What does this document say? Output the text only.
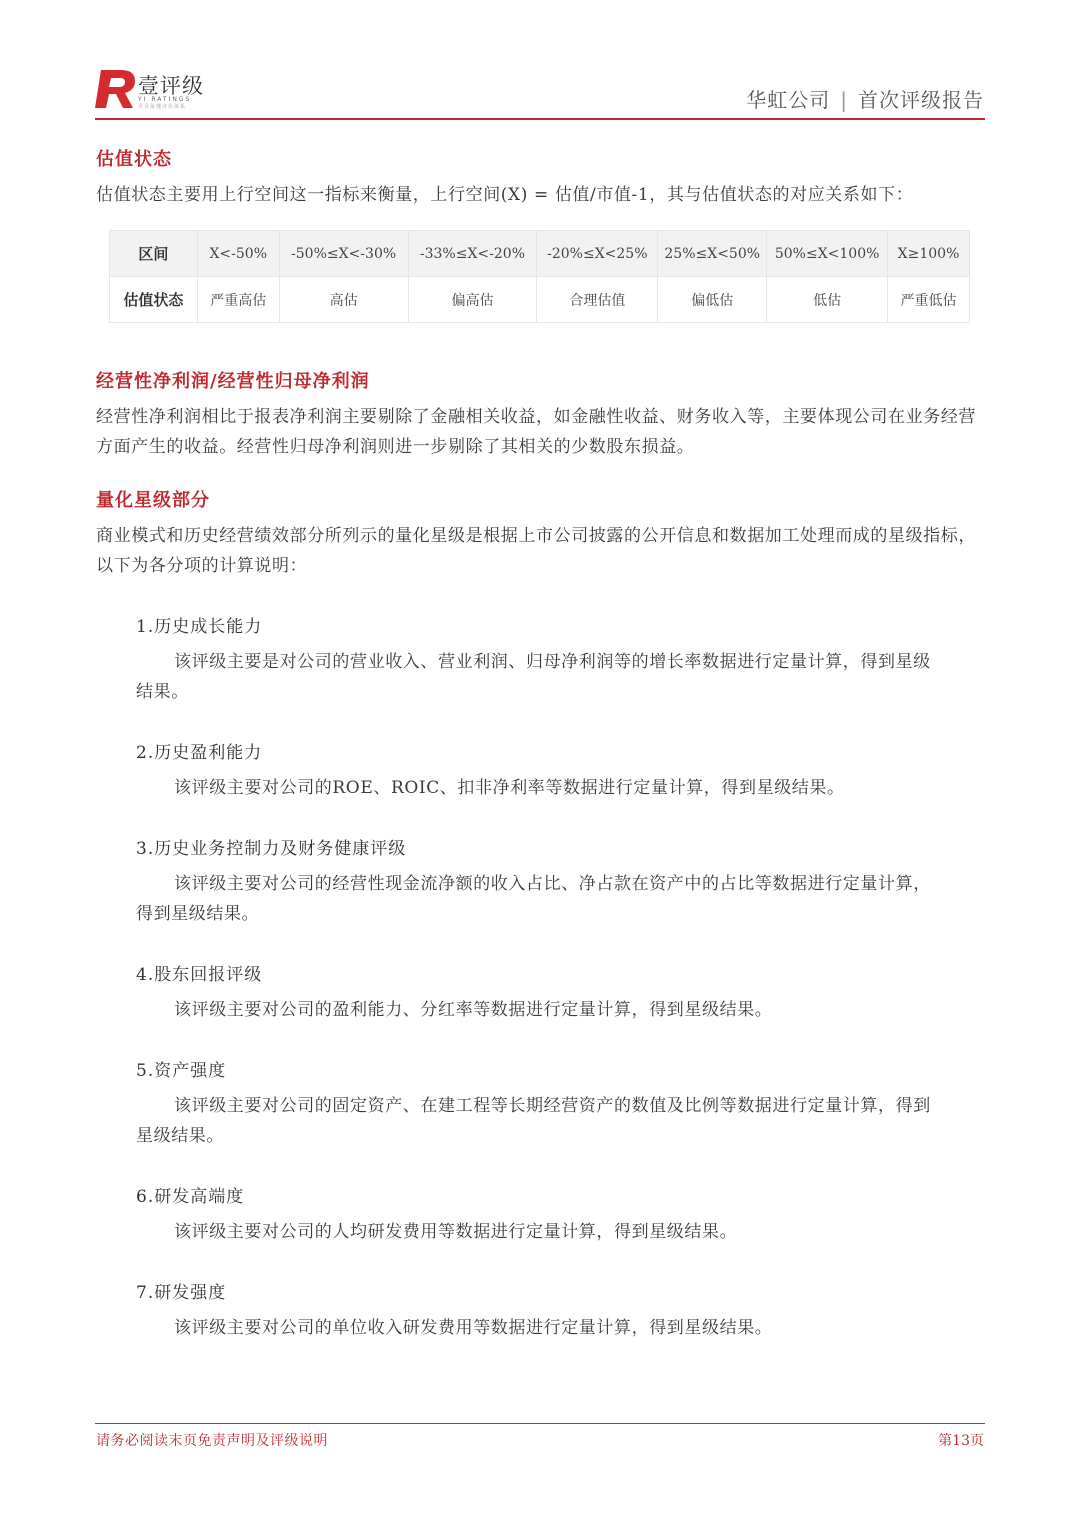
壹评级
YI RATINGS
专业最懂评价体系	华虹公司 | 首次评级报告
估值状态
估值状态主要用上行空间这一指标来衡量，上行空间(X) = 估值/市值-1，其与估值状态的对应关系如下：
区间	X<-50%	-50%≤X<-30%	-33%≤X<-20%	-20%≤X<25%	25%≤X<50%	50%≤X<100%	X≥100%
估值状态	严重高估	高估	偏高估	合理估值	偏低估	低估	严重低估
经营性净利润/经营性归母净利润
经营性净利润相比于报表净利润主要剔除了金融相关收益，如金融性收益、财务收入等，主要体现公司在业务经营方面产生的收益。经营性归母净利润则进一步剔除了其相关的少数股东损益。
量化星级部分
商业模式和历史经营绩效部分所列示的量化星级是根据上市公司披露的公开信息和数据加工处理而成的星级指标，以下为各分项的计算说明：
1.历史成长能力
该评级主要是对公司的营业收入、营业利润、归母净利润等的增长率数据进行定量计算，得到星级结果。
2.历史盈利能力
该评级主要对公司的ROE、ROIC、扣非净利率等数据进行定量计算，得到星级结果。
3.历史业务控制力及财务健康评级
该评级主要对公司的经营性现金流净额的收入占比、净占款在资产中的占比等数据进行定量计算，得到星级结果。
4.股东回报评级
该评级主要对公司的盈利能力、分红率等数据进行定量计算，得到星级结果。
5.资产强度
该评级主要对公司的固定资产、在建工程等长期经营资产的数值及比例等数据进行定量计算，得到星级结果。
6.研发高端度
该评级主要对公司的人均研发费用等数据进行定量计算，得到星级结果。
7.研发强度
该评级主要对公司的单位收入研发费用等数据进行定量计算，得到星级结果。
请务必阅读末页免责声明及评级说明	第13页
